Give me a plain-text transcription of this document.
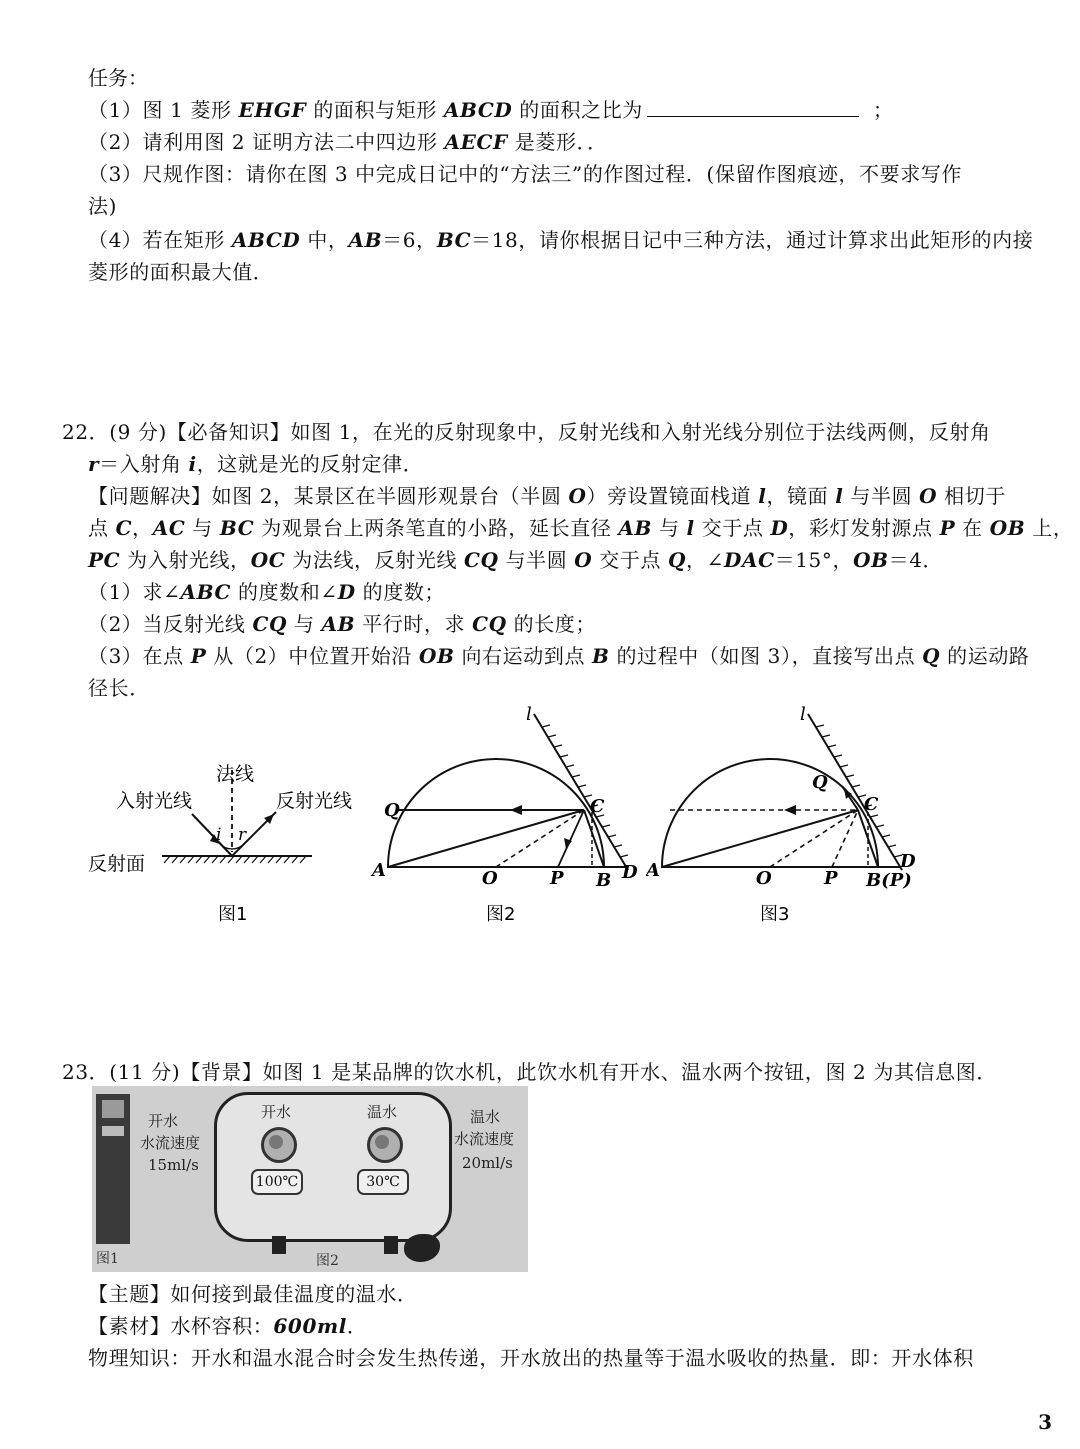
任务：
（1）图 1 菱形 EHGF 的面积与矩形 ABCD 的面积之比为	；
（2）请利用图 2 证明方法二中四边形 AECF 是菱形．．
（3）尺规作图：请你在图 3 中完成日记中的“方法三”的作图过程．(保留作图痕迹，不要求写作
法)
（4）若在矩形 ABCD 中，AB＝6，BC＝18，请你根据日记中三种方法，通过计算求出此矩形的内接
菱形的面积最大值．
22．(9 分)【必备知识】如图 1，在光的反射现象中，反射光线和入射光线分别位于法线两侧，反射角
r＝入射角 i，这就是光的反射定律．
【问题解决】如图 2，某景区在半圆形观景台（半圆 O）旁设置镜面栈道 l，镜面 l 与半圆 O 相切于
点 C，AC 与 BC 为观景台上两条笔直的小路，延长直径 AB 与 l 交于点 D，彩灯发射源点 P 在 OB 上，
PC 为入射光线，OC 为法线，反射光线 CQ 与半圆 O 交于点 Q，∠DAC＝15°，OB＝4．
（1）求∠ABC 的度数和∠D 的度数；
（2）当反射光线 CQ 与 AB 平行时，求 CQ 的长度；
（3）在点 P 从（2）中位置开始沿 OB 向右运动到点 B 的过程中（如图 3），直接写出点 Q 的运动路
径长．
法线
入射光线	反射光线
反射面
i r
图1
l
Q	C
A	O	P B D
图2
l
Q
C
A	O	P B(P)
D
图3
23．(11 分)【背景】如图 1 是某品牌的饮水机，此饮水机有开水、温水两个按钮，图 2 为其信息图．
开水
水流速度
15ml/s
开水
100℃
温水
30℃
温水
水流速度
20ml/s
图1	图2
【主题】如何接到最佳温度的温水．
【素材】水杯容积：600ml．
物理知识：开水和温水混合时会发生热传递，开水放出的热量等于温水吸收的热量．即：开水体积
3
